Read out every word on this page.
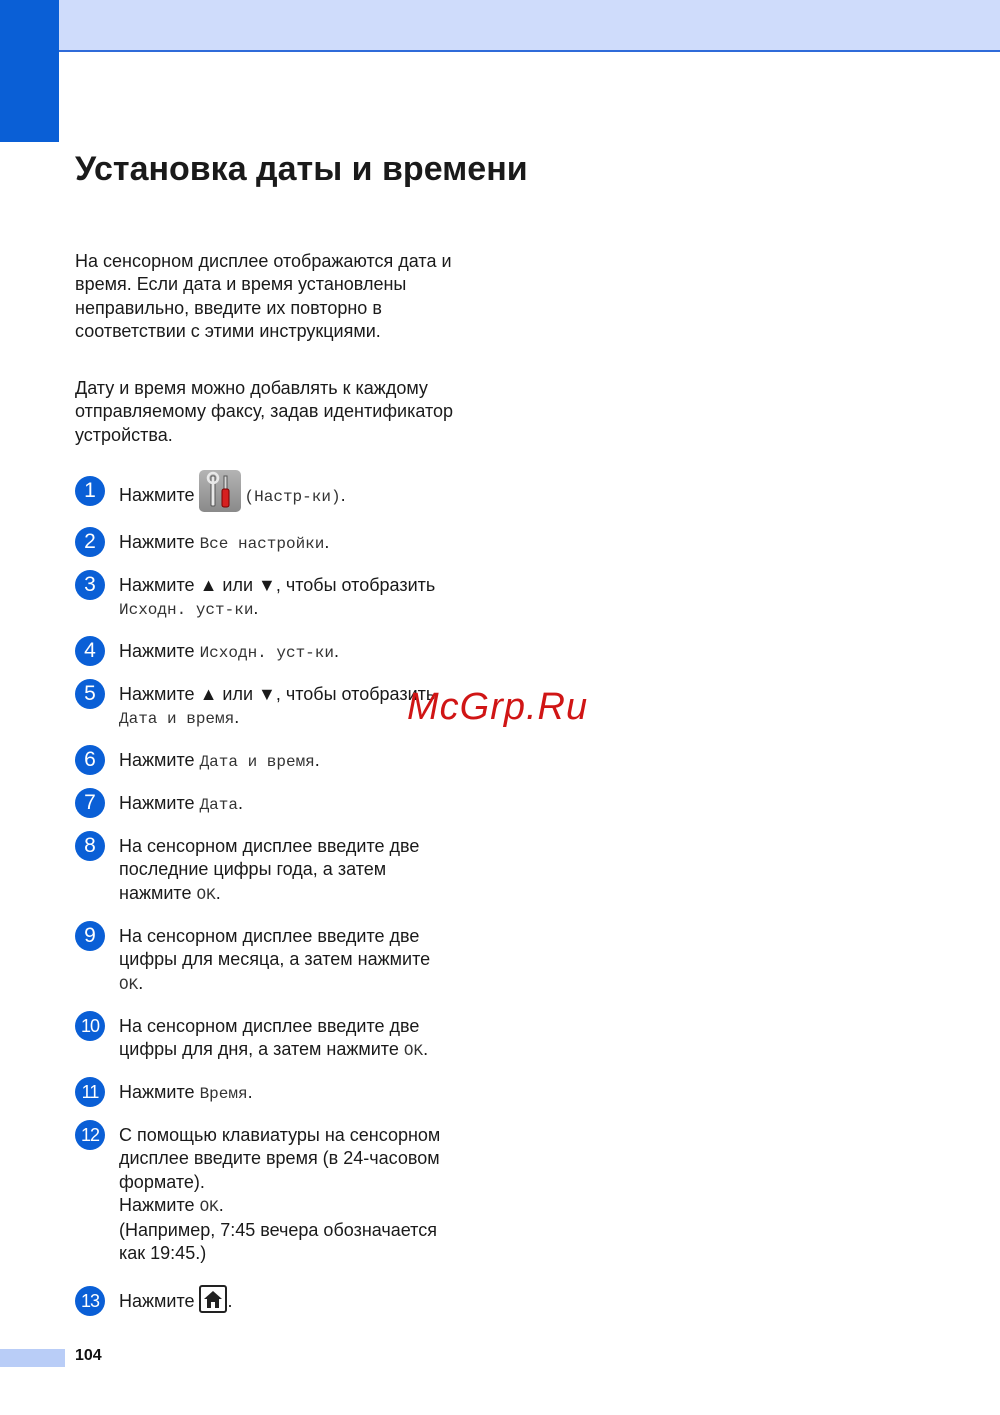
Установка даты и времени

На сенсорном дисплее отображаются дата и время. Если дата и время установлены неправильно, введите их повторно в соответствии с этими инструкциями.

Дату и время можно добавлять к каждому отправляемому факсу, задав идентификатор устройства.

1	Нажмите	(Настр-ки).
2	Нажмите Все настройки.
3	Нажмите ▲ или ▼, чтобы отобразить
Исходн. уст-ки.
4	Нажмите Исходн. уст-ки.
5	Нажмите ▲ или ▼, чтобы отобразить
Дата и время.
6	Нажмите Дата и время.
7	Нажмите Дата.
8	На сенсорном дисплее введите две
последние цифры года, а затем
нажмите OK.
9	На сенсорном дисплее введите две
цифры для месяца, а затем нажмите
OK.
10	На сенсорном дисплее введите две
цифры для дня, а затем нажмите OK.
11	Нажмите Время.
12	С помощью клавиатуры на сенсорном
дисплее введите время (в 24-часовом
формате).
Нажмите OK.
(Например, 7:45 вечера обозначается
как 19:45.)
13	Нажмите .
McGrp.Ru
104
